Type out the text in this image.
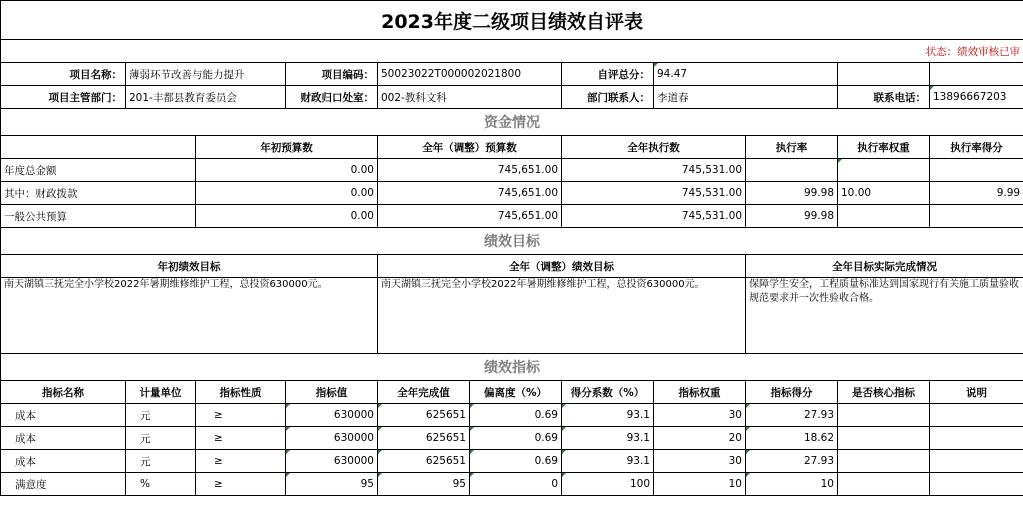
2023年度二级项目绩效自评表										
状态：绩效审核已审										
项目名称：	薄弱环节改善与能力提升		项目编码：	50023022T000002021800		自评总分：	94.47			
项目主管部门：	201-丰都县教育委员会		财政归口处室：	002-教科文科		部门联系人：	李道春		联系电话：	13896667203
资金情况										
		年初预算数		全年（调整）预算数		全年执行数		执行率	执行率权重	执行率得分
年度总金额		0.00		745,651.00		745,531.00				
其中：财政拨款		0.00		745,651.00		745,531.00		99.98	10.00	9.99
一般公共预算		0.00		745,651.00		745,531.00		99.98		
绩效目标										
年初绩效目标				全年（调整）绩效目标				全年目标实际完成情况		
南天湖镇三抚完全小学校2022年暑期维修维护工程，总投资630000元。				南天湖镇三抚完全小学校2022年暑期维修维护工程，总投资630000元。				保障学生安全，工程质量标准达到国家现行有关施工质量验收规范要求并一次性验收合格。		
绩效指标										
指标名称	计量单位	指标性质	指标值	全年完成值	偏离度（%）	得分系数（%）	指标权重	指标得分	是否核心指标	说明
成本	元	≥	630000	625651	0.69	93.1	30	27.93		
成本	元	≥	630000	625651	0.69	93.1	20	18.62		
成本	元	≥	630000	625651	0.69	93.1	30	27.93		
满意度	%	≥	95	95	0	100	10	10		
